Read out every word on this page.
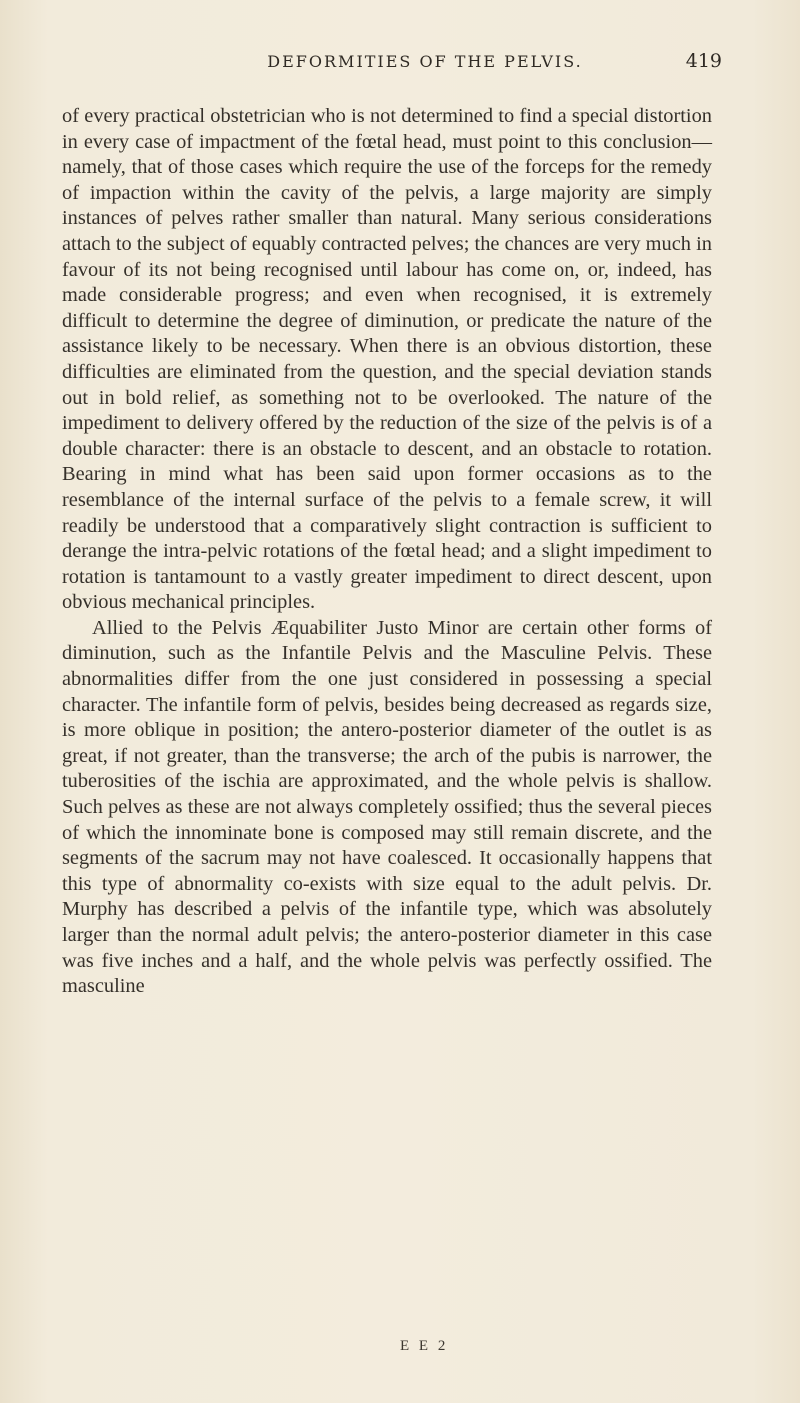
DEFORMITIES OF THE PELVIS.	419

of every practical obstetrician who is not determined to find a special distortion in every case of impactment of the fœtal head, must point to this conclusion—namely, that of those cases which require the use of the forceps for the remedy of impaction within the cavity of the pelvis, a large majority are simply instances of pelves rather smaller than natural. Many serious considerations attach to the subject of equably contracted pelves; the chances are very much in favour of its not being recognised until labour has come on, or, indeed, has made considerable progress; and even when recognised, it is extremely difficult to determine the degree of diminution, or predicate the nature of the assistance likely to be necessary. When there is an obvious distortion, these difficulties are eliminated from the question, and the special deviation stands out in bold relief, as something not to be overlooked. The nature of the impediment to delivery offered by the reduction of the size of the pelvis is of a double character: there is an obstacle to descent, and an obstacle to rotation. Bearing in mind what has been said upon former occasions as to the resemblance of the internal surface of the pelvis to a female screw, it will readily be understood that a comparatively slight contraction is sufficient to derange the intra-pelvic rotations of the fœtal head; and a slight impediment to rotation is tantamount to a vastly greater impediment to direct descent, upon obvious mechanical principles.

Allied to the Pelvis Æquabiliter Justo Minor are certain other forms of diminution, such as the Infantile Pelvis and the Masculine Pelvis. These abnormalities differ from the one just considered in possessing a special character. The infantile form of pelvis, besides being decreased as regards size, is more oblique in position; the antero-posterior diameter of the outlet is as great, if not greater, than the transverse; the arch of the pubis is narrower, the tuberosities of the ischia are approximated, and the whole pelvis is shallow. Such pelves as these are not always completely ossified; thus the several pieces of which the innominate bone is composed may still remain discrete, and the segments of the sacrum may not have coalesced. It occasionally happens that this type of abnormality co-exists with size equal to the adult pelvis. Dr. Murphy has described a pelvis of the infantile type, which was absolutely larger than the normal adult pelvis; the antero-posterior diameter in this case was five inches and a half, and the whole pelvis was perfectly ossified. The masculine

E E 2
